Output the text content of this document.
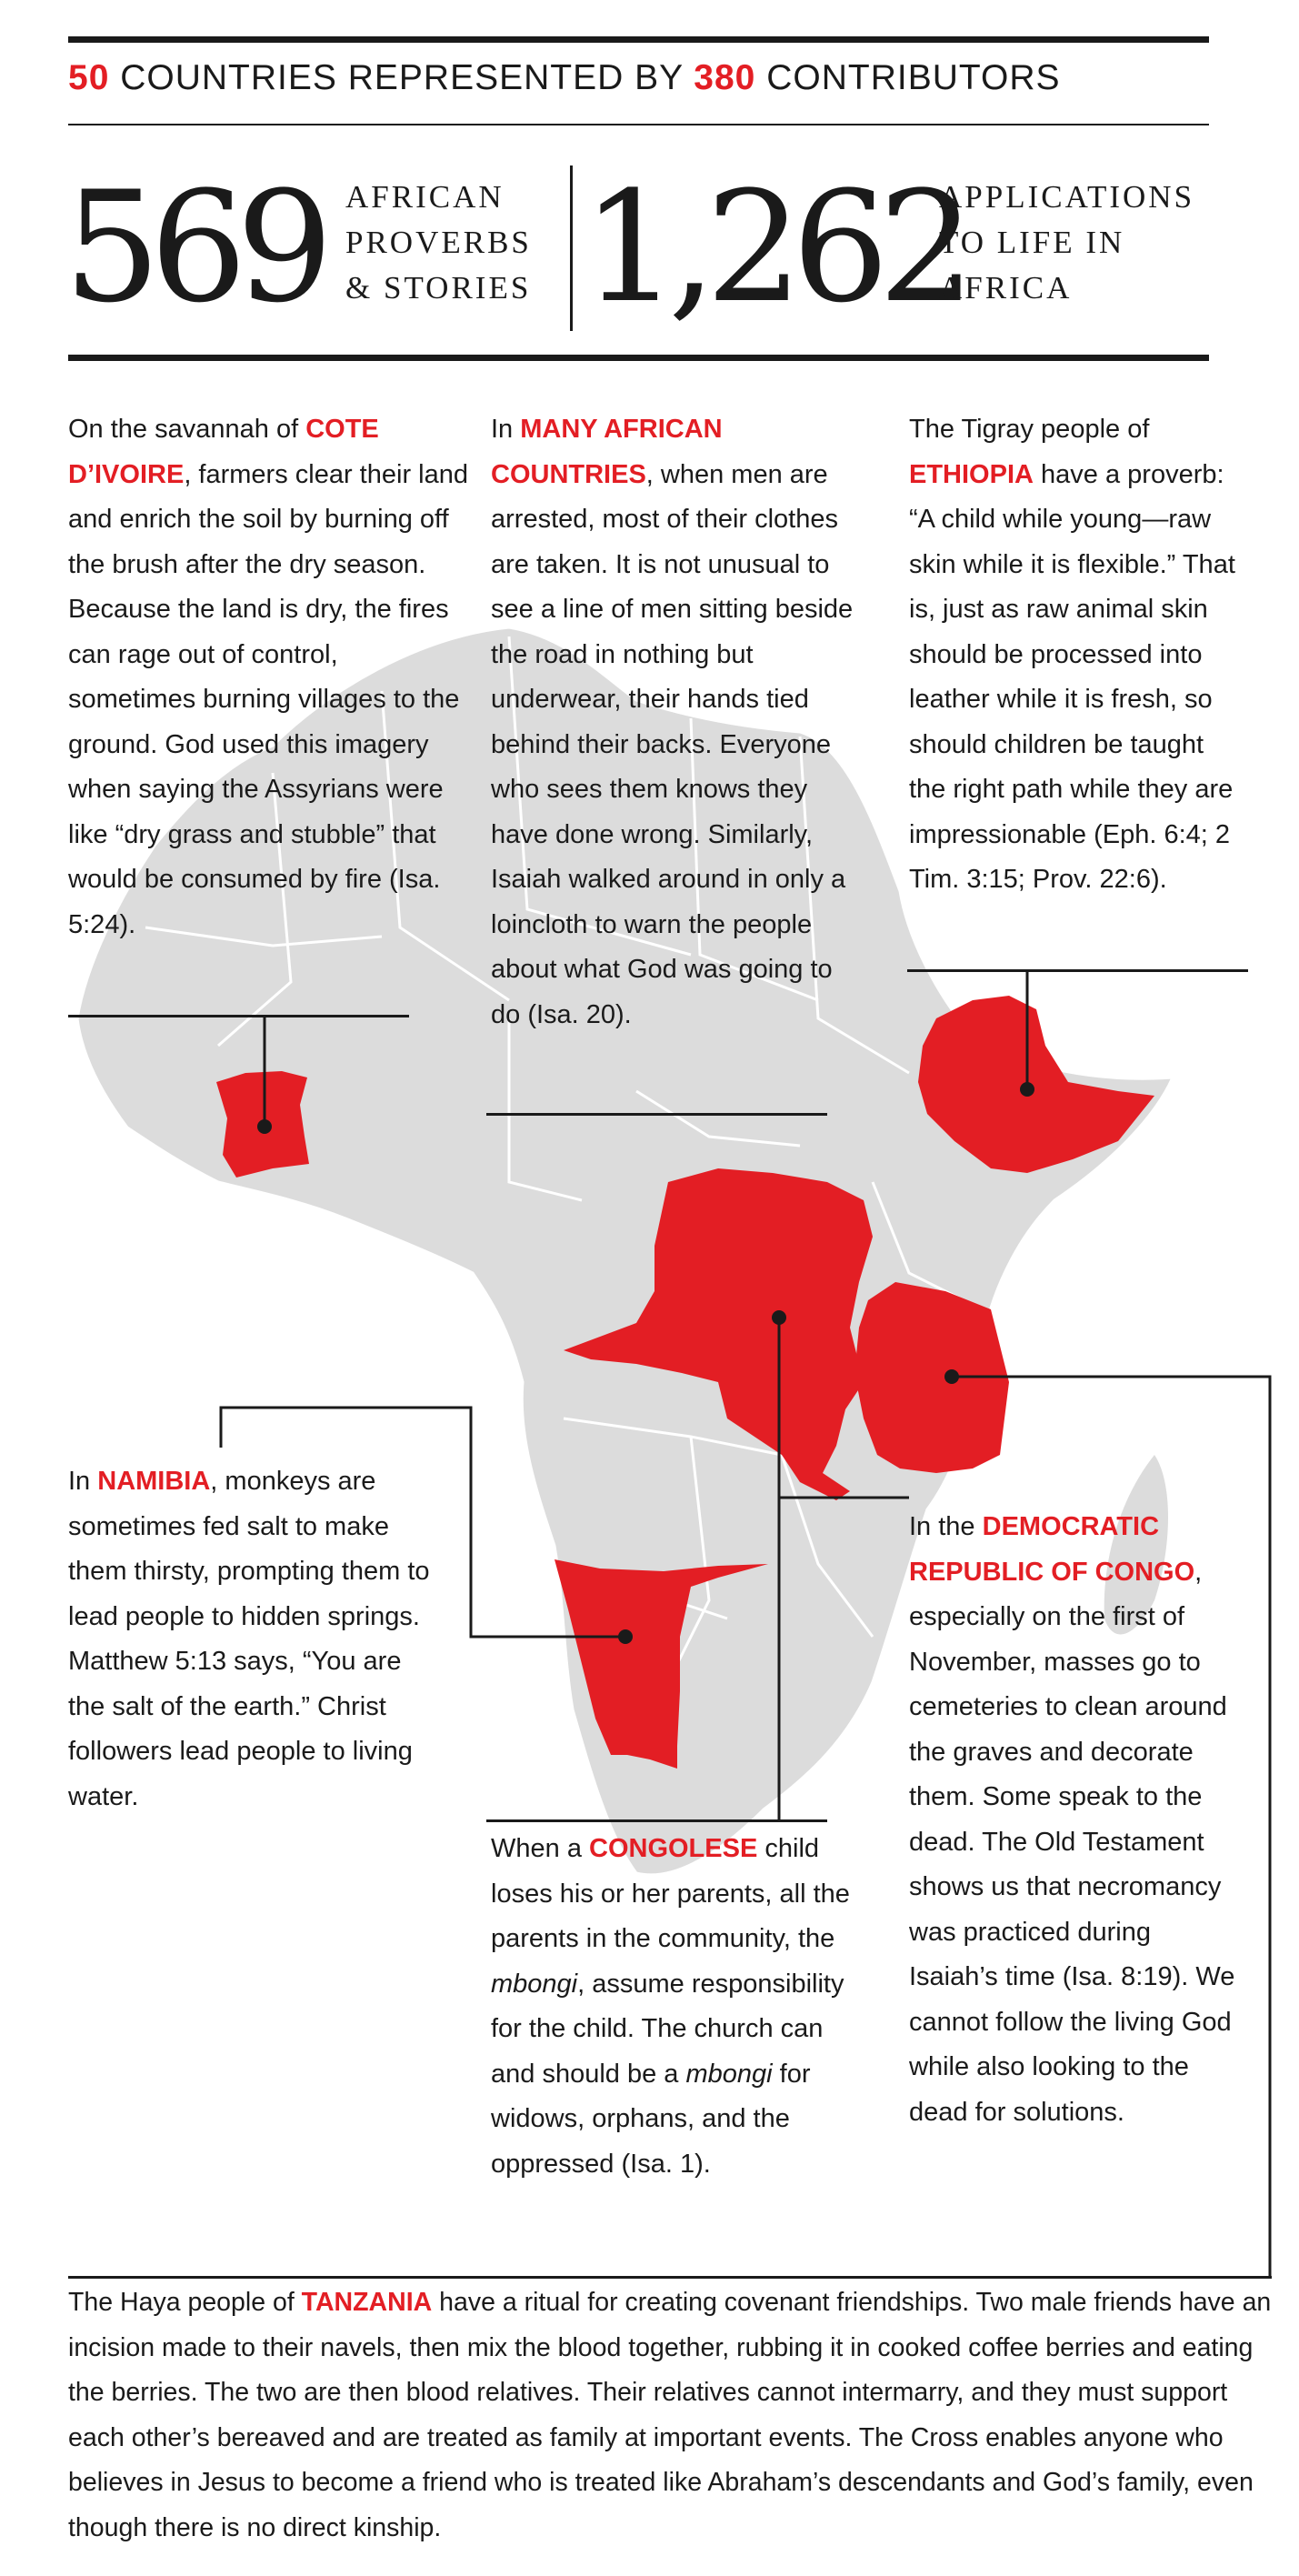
50 COUNTRIES REPRESENTED BY 380 CONTRIBUTORS
569 AFRICAN
PROVERBS
& STORIES 1,262
APPLICATIONS
TO LIFE IN
AFRICA
On the savannah of COTE D’IVOIRE, farmers clear their land and enrich the soil by burning off the brush after the dry season. Because the land is dry, the fires can rage out of control, sometimes burning villages to the ground. God used this imagery when saying the Assyrians were like “dry grass and stubble” that would be consumed by fire (Isa. 5:24).
In MANY AFRICAN COUNTRIES, when men are arrested, most of their clothes are taken. It is not unusual to see a line of men sitting beside the road in nothing but underwear, their hands tied behind their backs. Everyone who sees them knows they have done wrong. Similarly, Isaiah walked around in only a loincloth to warn the people about what God was going to do (Isa. 20).
The Tigray people of ETHIOPIA have a proverb: “A child while young—raw skin while it is flexible.” That is, just as raw animal skin should be processed into leather while it is fresh, so should children be taught the right path while they are impressionable (Eph. 6:4; 2 Tim. 3:15; Prov. 22:6).
In NAMIBIA, monkeys are sometimes fed salt to make them thirsty, prompting them to lead people to hidden springs. Matthew 5:13 says, “You are the salt of the earth.” Christ followers lead people to living water.
In the DEMOCRATIC REPUBLIC OF CONGO, especially on the first of November, masses go to cemeteries to clean around the graves and decorate them. Some speak to the dead. The Old Testament shows us that necromancy was practiced during Isaiah’s time (Isa. 8:19). We cannot follow the living God while also looking to the dead for solutions.
When a CONGOLESE child loses his or her parents, all the parents in the community, the mbongi, assume responsibility for the child. The church can and should be a mbongi for widows, orphans, and the oppressed (Isa. 1).
The Haya people of TANZANIA have a ritual for creating covenant friendships. Two male friends have an incision made to their navels, then mix the blood together, rubbing it in cooked coffee berries and eating the berries. The two are then blood relatives. Their relatives cannot intermarry, and they must support each other’s bereaved and are treated as family at important events. The Cross enables anyone who believes in Jesus to become a friend who is treated like Abraham’s descendants and God’s family, even though there is no direct kinship.
